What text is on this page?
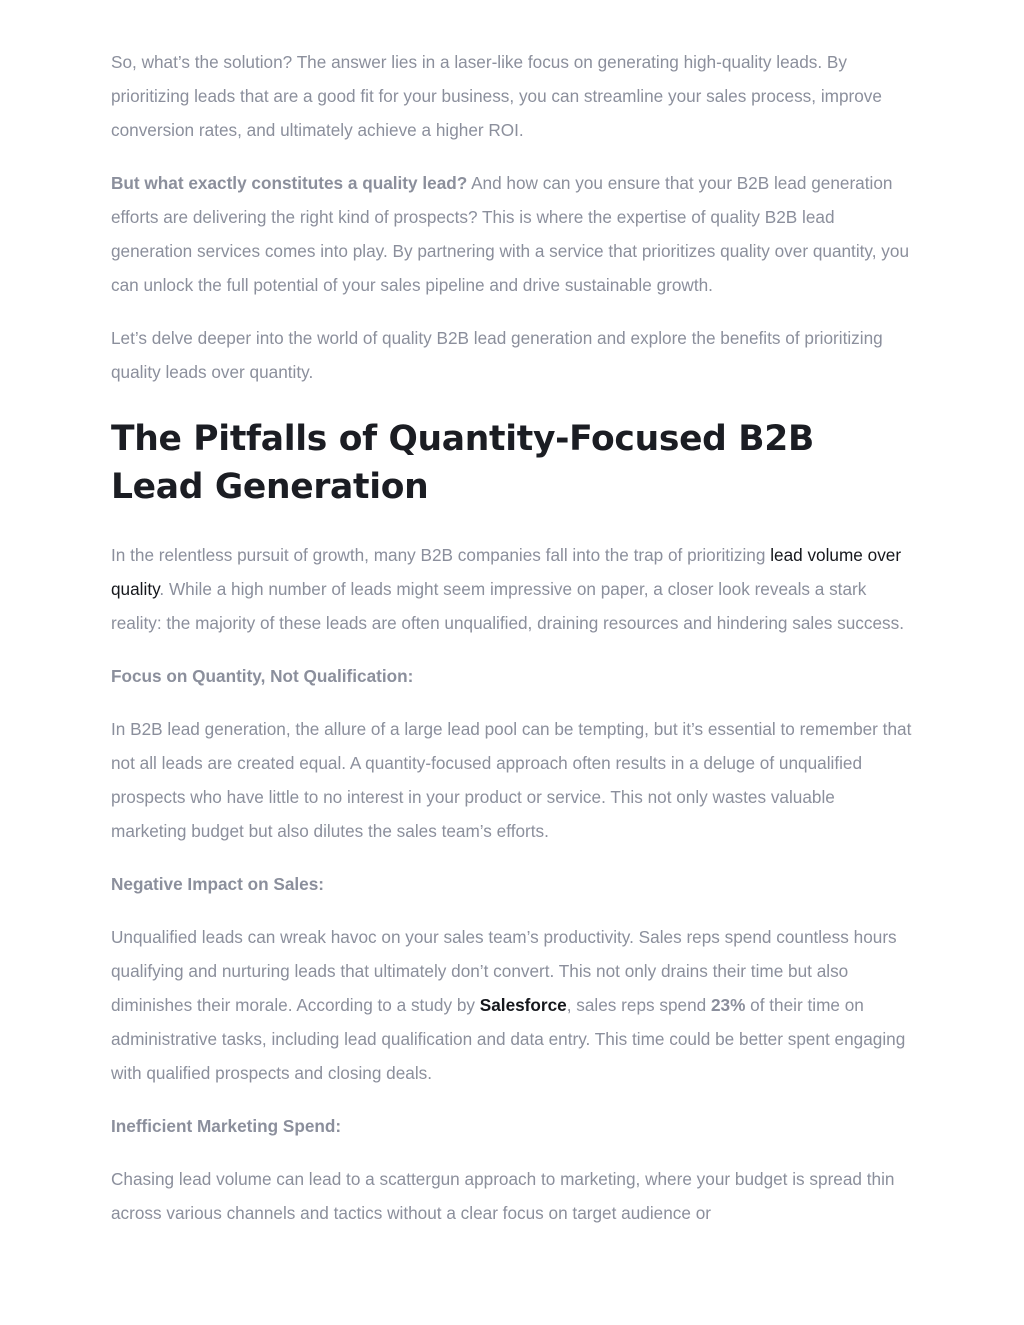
So, what’s the solution? The answer lies in a laser-like focus on generating high-quality leads. By prioritizing leads that are a good fit for your business, you can streamline your sales process, improve conversion rates, and ultimately achieve a higher ROI.

But what exactly constitutes a quality lead? And how can you ensure that your B2B lead generation efforts are delivering the right kind of prospects? This is where the expertise of quality B2B lead generation services comes into play. By partnering with a service that prioritizes quality over quantity, you can unlock the full potential of your sales pipeline and drive sustainable growth.

Let’s delve deeper into the world of quality B2B lead generation and explore the benefits of prioritizing quality leads over quantity.

The Pitfalls of Quantity-Focused B2B Lead Generation

In the relentless pursuit of growth, many B2B companies fall into the trap of prioritizing lead volume over quality. While a high number of leads might seem impressive on paper, a closer look reveals a stark reality: the majority of these leads are often unqualified, draining resources and hindering sales success.

Focus on Quantity, Not Qualification:

In B2B lead generation, the allure of a large lead pool can be tempting, but it’s essential to remember that not all leads are created equal. A quantity-focused approach often results in a deluge of unqualified prospects who have little to no interest in your product or service. This not only wastes valuable marketing budget but also dilutes the sales team’s efforts.

Negative Impact on Sales:

Unqualified leads can wreak havoc on your sales team’s productivity. Sales reps spend countless hours qualifying and nurturing leads that ultimately don’t convert. This not only drains their time but also diminishes their morale. According to a study by Salesforce, sales reps spend 23% of their time on administrative tasks, including lead qualification and data entry. This time could be better spent engaging with qualified prospects and closing deals.

Inefficient Marketing Spend:

Chasing lead volume can lead to a scattergun approach to marketing, where your budget is spread thin across various channels and tactics without a clear focus on target audience or
